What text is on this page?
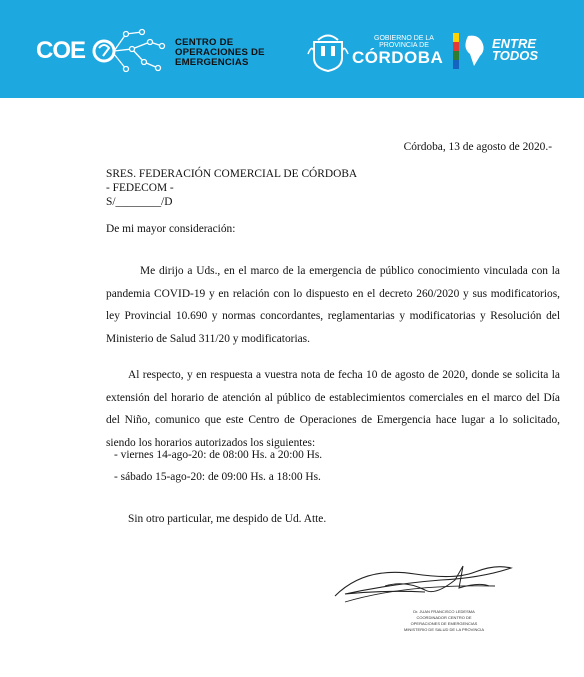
COE	CENTRO DE
OPERACIONES DE
EMERGENCIAS
GOBIERNO DE LA
PROVINCIA DE
CÓRDOBA
ENTRE
TODOS
Córdoba, 13 de agosto de 2020.-
SRES. FEDERACIÓN COMERCIAL DE CÓRDOBA
- FEDECOM -
S/________/D
De mi mayor consideración:
Me dirijo a Uds., en el marco de la emergencia de público conocimiento vinculada con la pandemia COVID-19 y en relación con lo dispuesto en el decreto 260/2020 y sus modificatorios, ley Provincial 10.690 y normas concordantes, reglamentarias y modificatorias y Resolución del Ministerio de Salud 311/20 y modificatorias.
Al respecto, y en respuesta a vuestra nota de fecha 10 de agosto de 2020, donde se solicita la extensión del horario de atención al público de establecimientos comerciales en el marco del Día del Niño, comunico que este Centro de Operaciones de Emergencia hace lugar a lo solicitado, siendo los horarios autorizados los siguientes:
- viernes 14-ago-20: de 08:00 Hs. a 20:00 Hs.
- sábado 15-ago-20: de 09:00 Hs. a 18:00 Hs.
Sin otro particular, me despido de Ud. Atte.
Dr. JUAN FRANCISCO LEDESMA
COORDINADOR CENTRO DE
OPERACIONES DE EMERGENCIAS
MINISTERIO DE SALUD DE LA PROVINCIA
